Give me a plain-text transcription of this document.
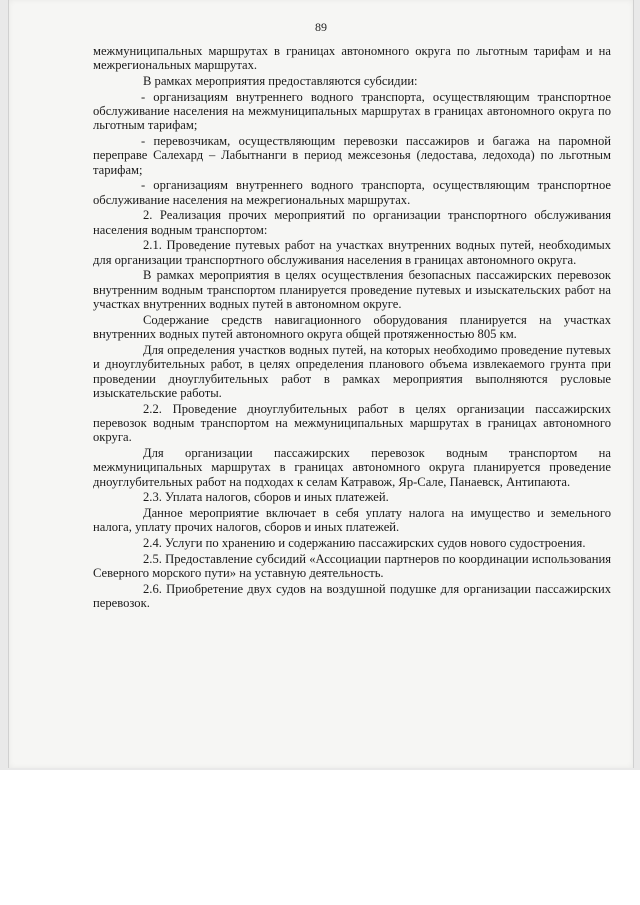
89

межмуниципальных маршрутах в границах автономного округа по льготным тарифам и на межрегиональных маршрутах.

В рамках мероприятия предоставляются субсидии:

- организациям внутреннего водного транспорта, осуществляющим транспортное обслуживание населения на межмуниципальных маршрутах в границах автономного округа по льготным тарифам;

- перевозчикам, осуществляющим перевозки пассажиров и багажа на паромной переправе Салехард – Лабытнанги в период межсезонья (ледостава, ледохода) по льготным тарифам;

- организациям внутреннего водного транспорта, осуществляющим транспортное обслуживание населения на межрегиональных маршрутах.

2. Реализация прочих мероприятий по организации транспортного обслуживания населения водным транспортом:

2.1. Проведение путевых работ на участках внутренних водных путей, необходимых для организации транспортного обслуживания населения в границах автономного округа.

В рамках мероприятия в целях осуществления безопасных пассажирских перевозок внутренним водным транспортом планируется проведение путевых и изыскательских работ на участках внутренних водных путей в автономном округе.

Содержание средств навигационного оборудования планируется на участках внутренних водных путей автономного округа общей протяженностью 805 км.

Для определения участков водных путей, на которых необходимо проведение путевых и дноуглубительных работ, в целях определения планового объема извлекаемого грунта при проведении дноуглубительных работ в рамках мероприятия выполняются русловые изыскательские работы.

2.2. Проведение дноуглубительных работ в целях организации пассажирских перевозок водным транспортом на межмуниципальных маршрутах в границах автономного округа.

Для организации пассажирских перевозок водным транспортом на межмуниципальных маршрутах в границах автономного округа планируется проведение дноуглубительных работ на подходах к селам Катравож, Яр-Сале, Панаевск, Антипаюта.

2.3. Уплата налогов, сборов и иных платежей.

Данное мероприятие включает в себя уплату налога на имущество и земельного налога, уплату прочих налогов, сборов и иных платежей.

2.4. Услуги по хранению и содержанию пассажирских судов нового судостроения.

2.5. Предоставление субсидий «Ассоциации партнеров по координации использования Северного морского пути» на уставную деятельность.

2.6. Приобретение двух судов на воздушной подушке для организации пассажирских перевозок.
